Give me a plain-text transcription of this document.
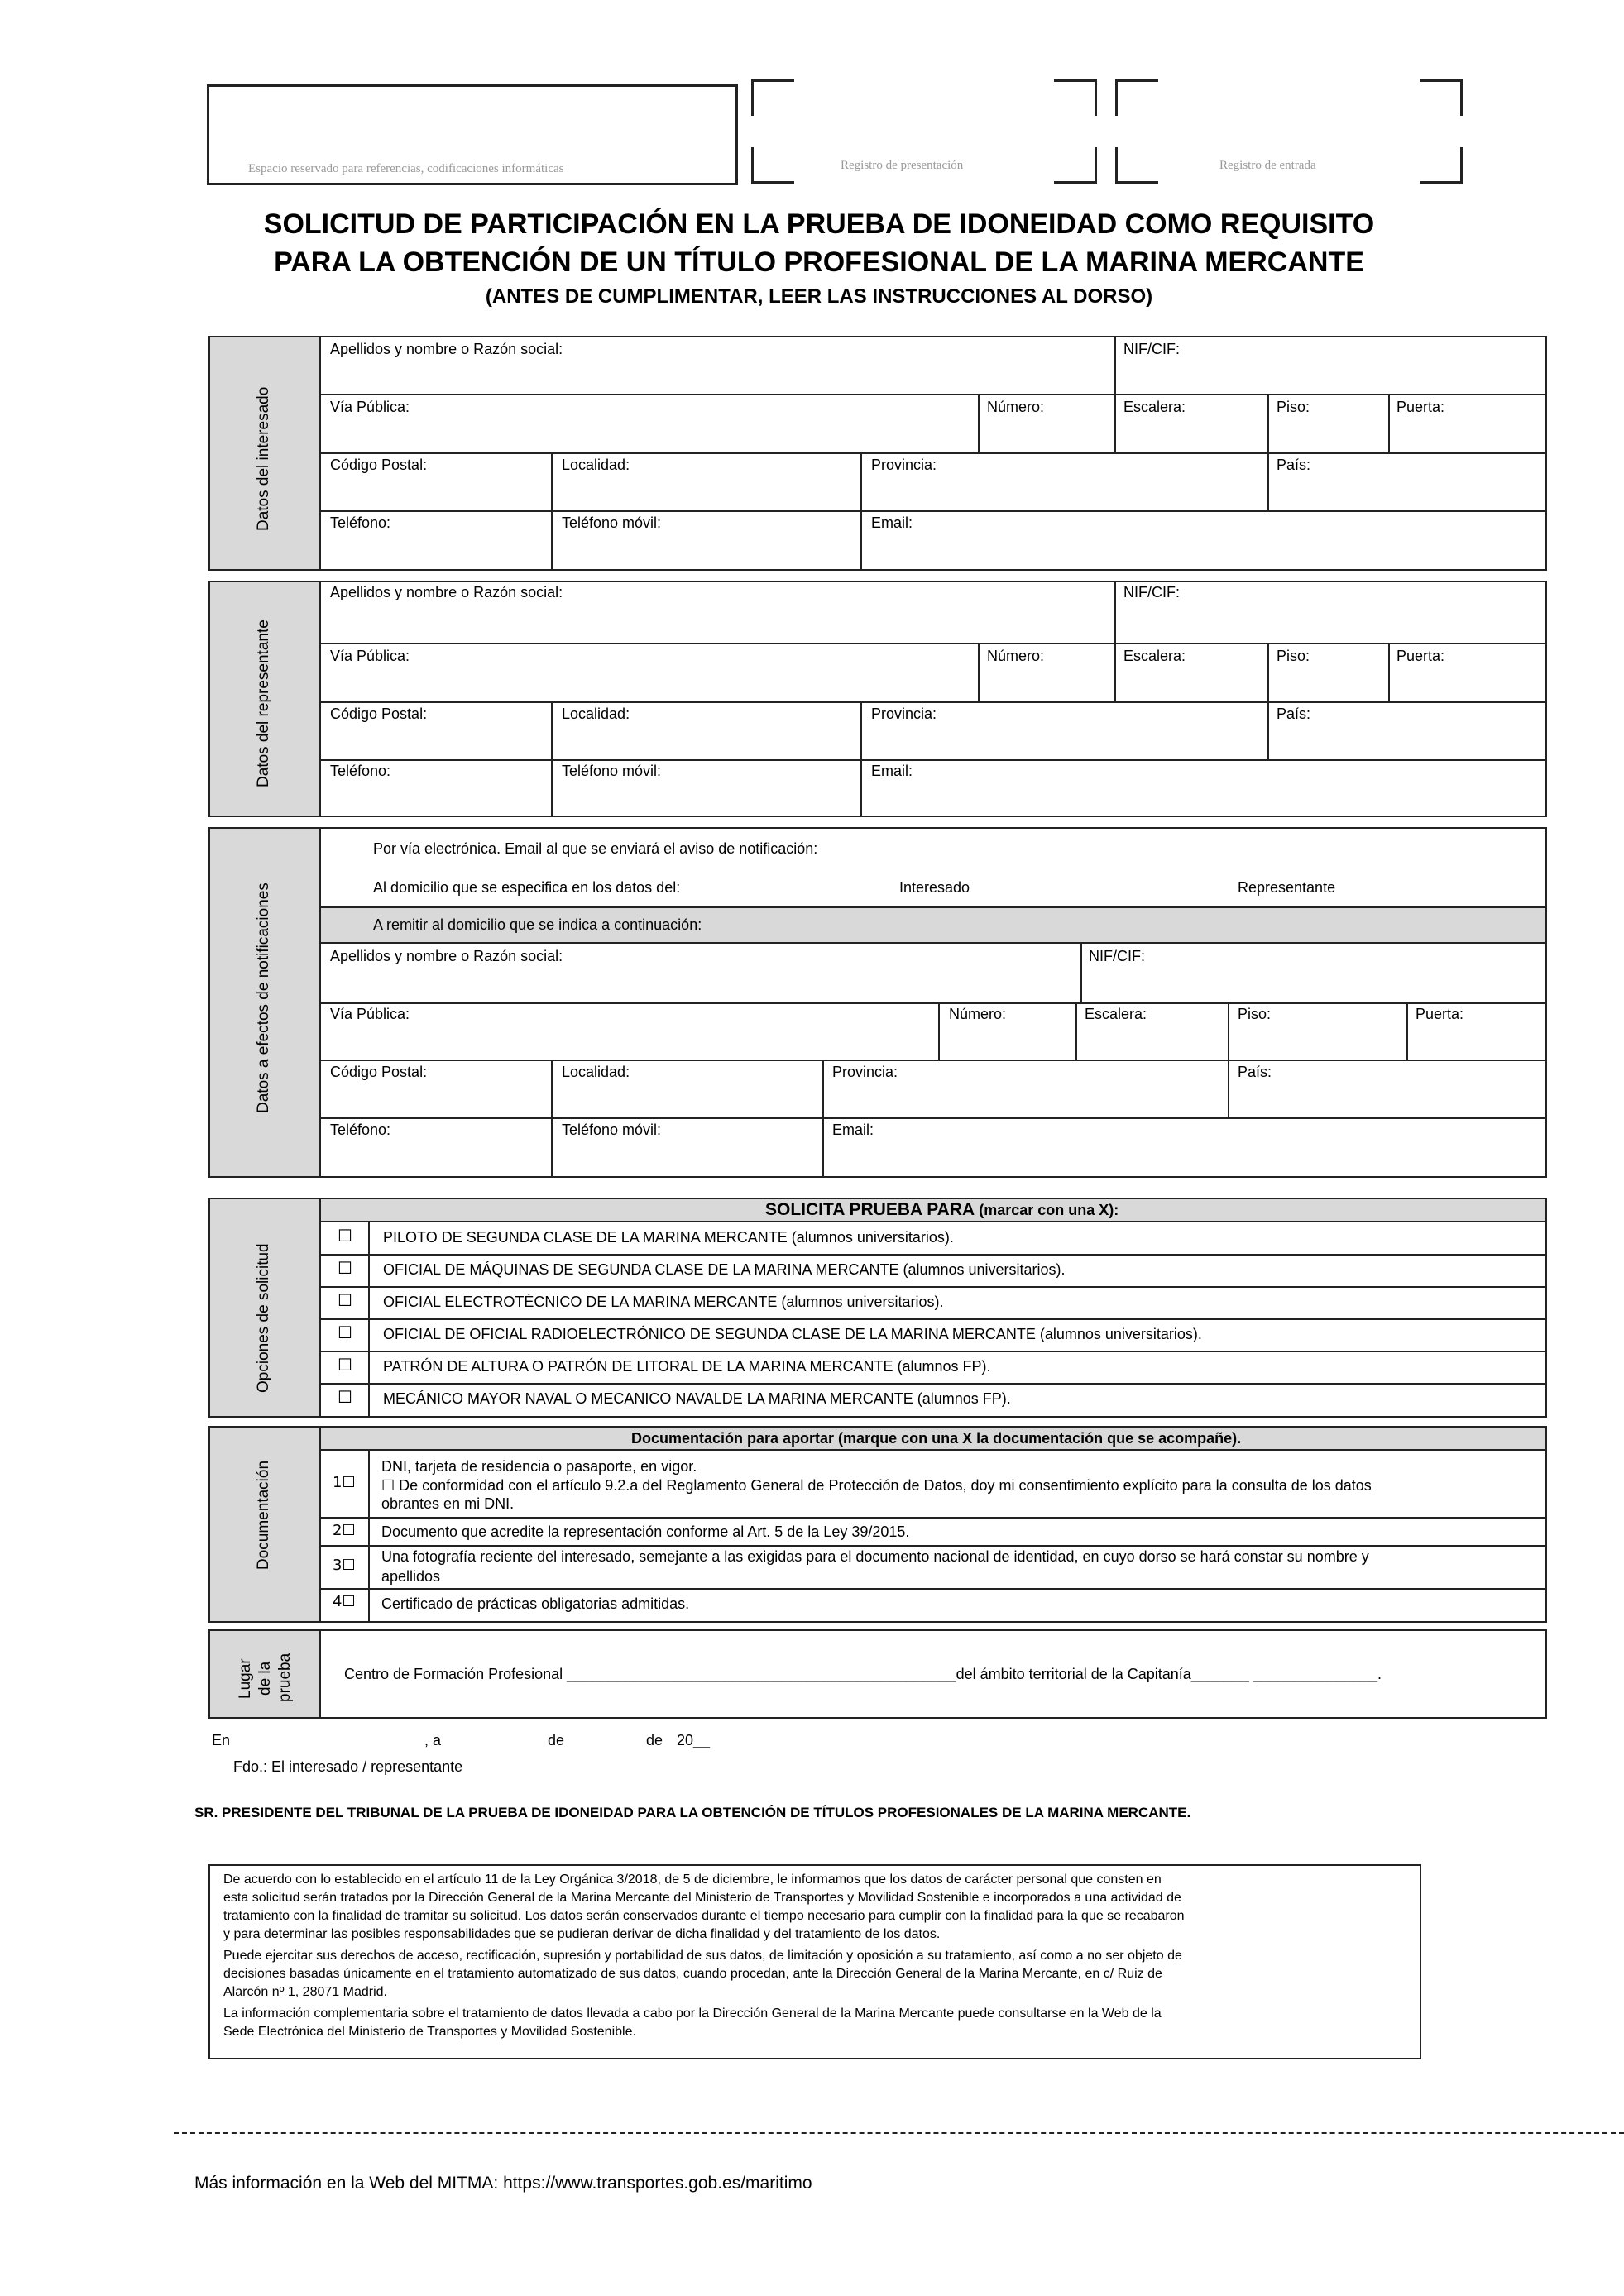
Espacio reservado para referencias, codificaciones informáticas	Registro de presentación	Registro de entrada
SOLICITUD DE PARTICIPACIÓN EN LA PRUEBA DE IDONEIDAD COMO REQUISITO
PARA LA OBTENCIÓN DE UN TÍTULO PROFESIONAL DE LA MARINA MERCANTE
(ANTES DE CUMPLIMENTAR, LEER LAS INSTRUCCIONES AL DORSO)
Datos del interesado
Apellidos y nombre o Razón social:	NIF/CIF:
Vía Pública:	Número:	Escalera:	Piso:	Puerta:
Código Postal:	Localidad:	Provincia:	País:
Teléfono:	Teléfono móvil:	Email:
Datos del representante
Apellidos y nombre o Razón social:	NIF/CIF:
Vía Pública:	Número:	Escalera:	Piso:	Puerta:
Código Postal:	Localidad:	Provincia:	País:
Teléfono:	Teléfono móvil:	Email:
Datos a efectos de notificaciones
Por vía electrónica. Email al que se enviará el aviso de notificación:
Al domicilio que se especifica en los datos del:	Interesado	Representante
A remitir al domicilio que se indica a continuación:
Apellidos y nombre o Razón social:	NIF/CIF:
Vía Pública:	Número:	Escalera:	Piso:	Puerta:
Código Postal:	Localidad:	Provincia:	País:
Teléfono:	Teléfono móvil:	Email:
Opciones de solicitud
SOLICITA PRUEBA PARA (marcar con una X):
☐ PILOTO DE SEGUNDA CLASE DE LA MARINA MERCANTE (alumnos universitarios).
☐ OFICIAL DE MÁQUINAS DE SEGUNDA CLASE DE LA MARINA MERCANTE (alumnos universitarios).
☐ OFICIAL ELECTROTÉCNICO DE LA MARINA MERCANTE (alumnos universitarios).
☐ OFICIAL DE OFICIAL RADIOELECTRÓNICO DE SEGUNDA CLASE DE LA MARINA MERCANTE (alumnos universitarios).
☐ PATRÓN DE ALTURA O PATRÓN DE LITORAL DE LA MARINA MERCANTE (alumnos FP).
☐ MECÁNICO MAYOR NAVAL O MECANICO NAVALDE LA MARINA MERCANTE (alumnos FP).
Documentación
Documentación para aportar (marque con una X la documentación que se acompañe).
1☐
DNI, tarjeta de residencia o pasaporte, en vigor.
☐ De conformidad con el artículo 9.2.a del Reglamento General de Protección de Datos, doy mi consentimiento explícito para la consulta de los datos
obrantes en mi DNI.
2☐ Documento que acredite la representación conforme al Art. 5 de la Ley 39/2015.
3☐ Una fotografía reciente del interesado, semejante a las exigidas para el documento nacional de identidad, en cuyo dorso se hará constar su nombre y
apellidos
4☐ Certificado de prácticas obligatorias admitidas.
Lugar de la prueba	Centro de Formación Profesional _______________________________________________del ámbito territorial de la Capitanía_______ _______________.
En	, a	de	de 20__
Fdo.: El interesado / representante
SR. PRESIDENTE DEL TRIBUNAL DE LA PRUEBA DE IDONEIDAD PARA LA OBTENCIÓN DE TÍTULOS PROFESIONALES DE LA MARINA MERCANTE.
De acuerdo con lo establecido en el artículo 11 de la Ley Orgánica 3/2018, de 5 de diciembre, le informamos que los datos de carácter personal que consten en
esta solicitud serán tratados por la Dirección General de la Marina Mercante del Ministerio de Transportes y Movilidad Sostenible e incorporados a una actividad de
tratamiento con la finalidad de tramitar su solicitud. Los datos serán conservados durante el tiempo necesario para cumplir con la finalidad para la que se recabaron
y para determinar las posibles responsabilidades que se pudieran derivar de dicha finalidad y del tratamiento de los datos.
Puede ejercitar sus derechos de acceso, rectificación, supresión y portabilidad de sus datos, de limitación y oposición a su tratamiento, así como a no ser objeto de
decisiones basadas únicamente en el tratamiento automatizado de sus datos, cuando procedan, ante la Dirección General de la Marina Mercante, en c/ Ruiz de
Alarcón nº 1, 28071 Madrid.
La información complementaria sobre el tratamiento de datos llevada a cabo por la Dirección General de la Marina Mercante puede consultarse en la Web de la
Sede Electrónica del Ministerio de Transportes y Movilidad Sostenible.
Más información en la Web del MITMA: https://www.transportes.gob.es/maritimo
